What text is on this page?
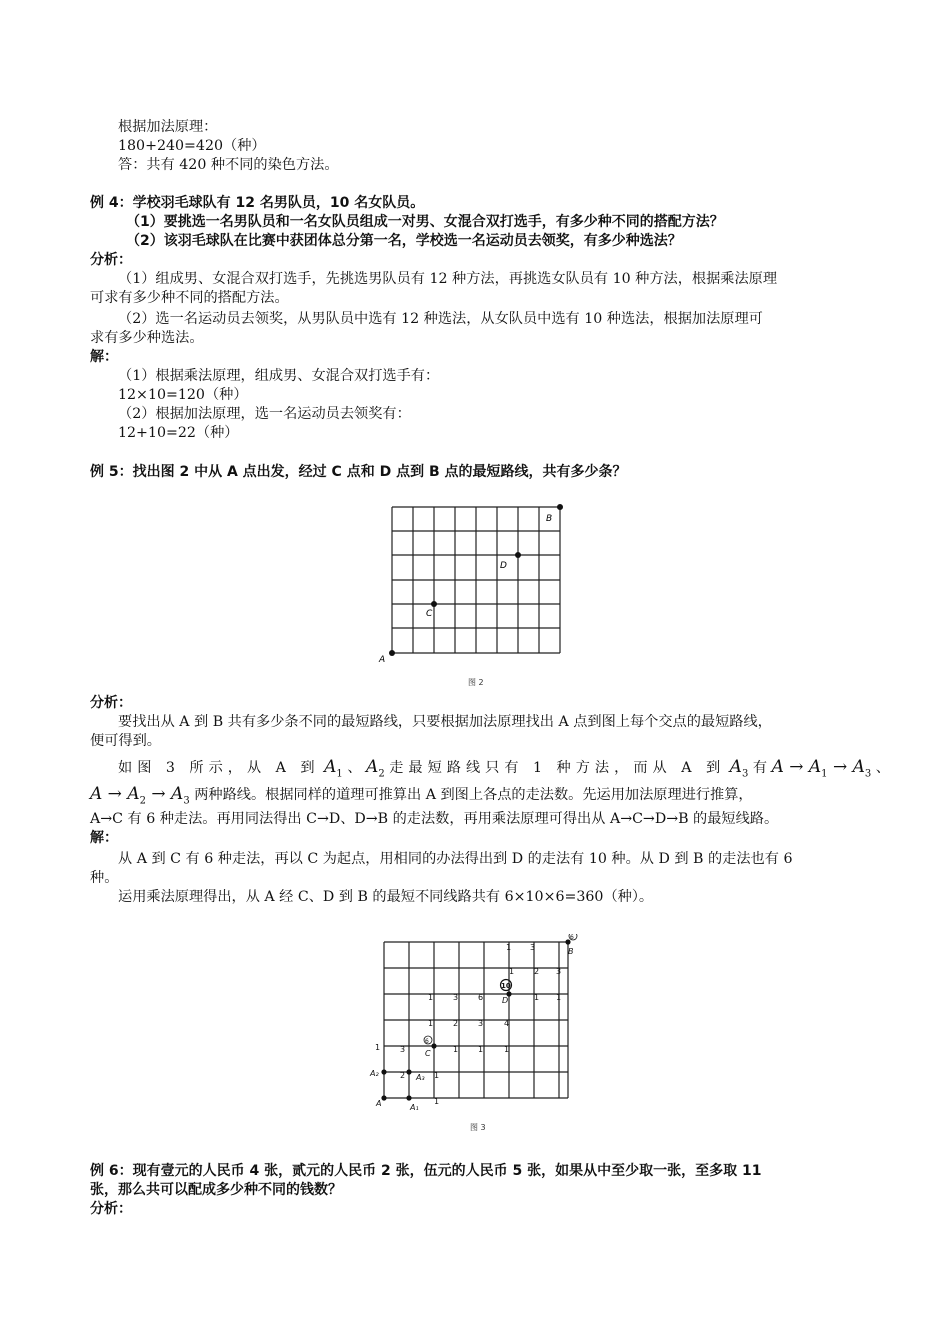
根据加法原理：
180+240=420（种）
答：共有 420 种不同的染色方法。
例 4：学校羽毛球队有 12 名男队员，10 名女队员。
（1）要挑选一名男队员和一名女队员组成一对男、女混合双打选手，有多少种不同的搭配方法？
（2）该羽毛球队在比赛中获团体总分第一名，学校选一名运动员去领奖，有多少种选法？
分析：
（1）组成男、女混合双打选手，先挑选男队员有 12 种方法，再挑选女队员有 10 种方法，根据乘法原理
可求有多少种不同的搭配方法。
（2）选一名运动员去领奖，从男队员中选有 12 种选法，从女队员中选有 10 种选法，根据加法原理可
求有多少种选法。
解：
（1）根据乘法原理，组成男、女混合双打选手有：
12×10=120（种）
（2）根据加法原理，选一名运动员去领奖有：
12+10=22（种）
例 5：找出图 2 中从 A 点出发，经过 C 点和 D 点到 B 点的最短路线，共有多少条？
A
B
C
D
图 2
分析：
要找出从 A 到 B 共有多少条不同的最短路线，只要根据加法原理找出 A 点到图上每个交点的最短路线，
便可得到。
如图 3 所示，从 A 到 $A_1$ 、 $A_2$ 走最短路线只有 1 种方法，而从 A 到 $A_3$ 有 $A \to A_1 \to A_3$ 、
$A \to A_2 \to A_3$ 两种路线。根据同样的道理可推算出 A 到图上各点的走法数。先运用加法原理进行推算，
A→C 有 6 种走法。再用同法得出 C→D、D→B 的走法数，再用乘法原理可得出从 A→C→D→B 的最短线路。
解：
从 A 到 C 有 6 种走法，再以 C 为起点，用相同的办法得出到 D 的走法有 10 种。从 D 到 B 的走法也有 6
种。
运用乘法原理得出，从 A 经 C、D 到 B 的最短不同线路共有 6×10×6=360（种）。
A	A₁
A₂	A₃
C
D
B
1 3
1 2 3
1 3 6	1 1
1 2 3	4
1 3	1 1	1
2
1
1
6
10
6
图 3
例 6：现有壹元的人民币 4 张，贰元的人民币 2 张，伍元的人民币 5 张，如果从中至少取一张，至多取 11
张，那么共可以配成多少种不同的钱数？
分析：
